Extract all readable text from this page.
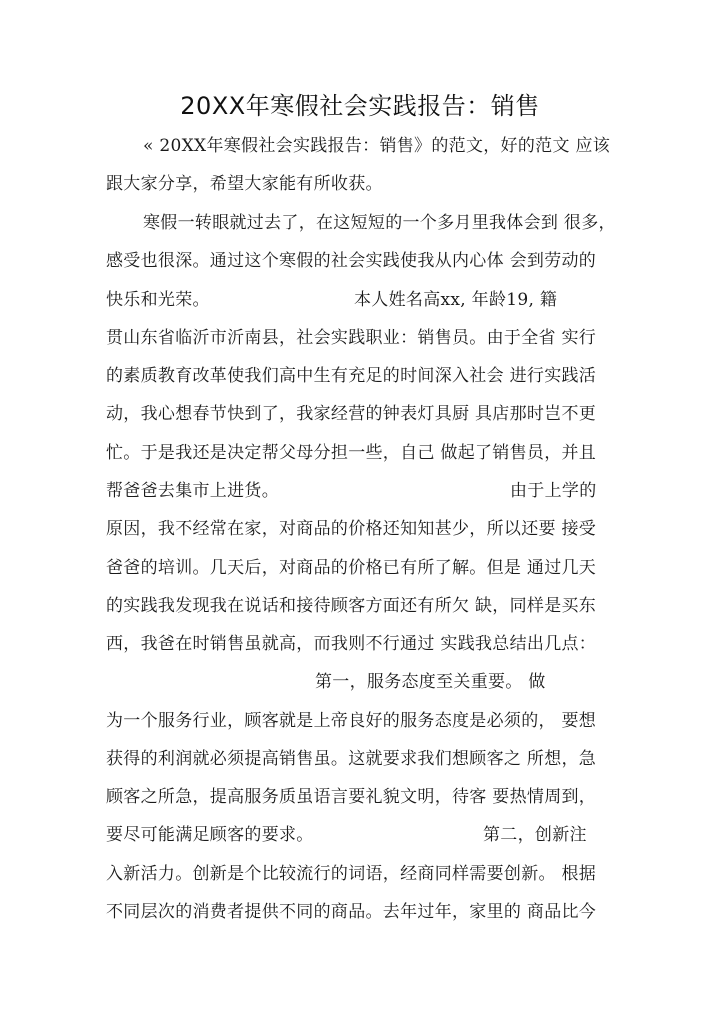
20XX年寒假社会实践报告：销售
« 20XX年寒假社会实践报告：销售》的范文，好的范文 应该
跟大家分享，希望大家能有所收获。
寒假一转眼就过去了，在这短短的一个多月里我体会到 很多，
感受也很深。通过这个寒假的社会实践使我从内心体 会到劳动的
快乐和光荣。	本人姓名高xx, 年龄19, 籍
贯山东省临沂市沂南县，社会实践职业：销售员。由于全省 实行
的素质教育改革使我们高中生有充足的时间深入社会 进行实践活
动，我心想春节快到了，我家经营的钟表灯具厨 具店那时岂不更
忙。于是我还是决定帮父母分担一些，自己 做起了销售员，并且
帮爸爸去集市上进货。	由于上学的
原因，我不经常在家，对商品的价格还知知甚少，所以还要 接受
爸爸的培训。几天后，对商品的价格已有所了解。但是 通过几天
的实践我发现我在说话和接待顾客方面还有所欠 缺，同样是买东
西，我爸在时销售虽就高，而我则不行通过 实践我总结出几点：
第一，服务态度至关重要。 做
为一个服务行业，顾客就是上帝良好的服务态度是必须的， 要想
获得的利润就必须提高销售虽。这就要求我们想顾客之 所想，急
顾客之所急，提高服务质虽语言要礼貌文明，待客 要热情周到，
要尽可能满足顾客的要求。	第二，创新注
入新活力。创新是个比较流行的词语，经商同样需要创新。 根据
不同层次的消费者提供不同的商品。去年过年，家里的 商品比今
